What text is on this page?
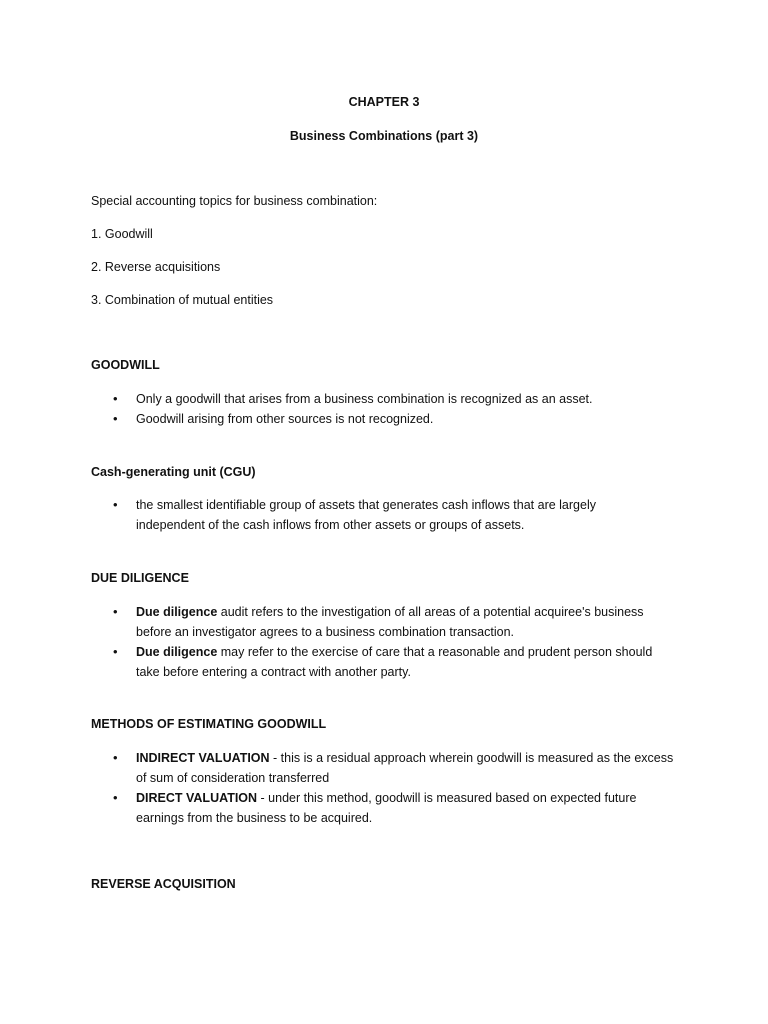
CHAPTER 3

Business Combinations (part 3)

Special accounting topics for business combination:

1. Goodwill

2. Reverse acquisitions

3. Combination of mutual entities

GOODWILL

• Only a goodwill that arises from a business combination is recognized as an asset.
• Goodwill arising from other sources is not recognized.

Cash-generating unit (CGU)

• the smallest identifiable group of assets that generates cash inflows that are largely
independent of the cash inflows from other assets or groups of assets.

DUE DILIGENCE

• Due diligence audit refers to the investigation of all areas of a potential acquiree's business
before an investigator agrees to a business combination transaction.
• Due diligence may refer to the exercise of care that a reasonable and prudent person should
take before entering a contract with another party.

METHODS OF ESTIMATING GOODWILL

• INDIRECT VALUATION - this is a residual approach wherein goodwill is measured as the excess
of sum of consideration transferred
• DIRECT VALUATION - under this method, goodwill is measured based on expected future
earnings from the business to be acquired.

REVERSE ACQUISITION
